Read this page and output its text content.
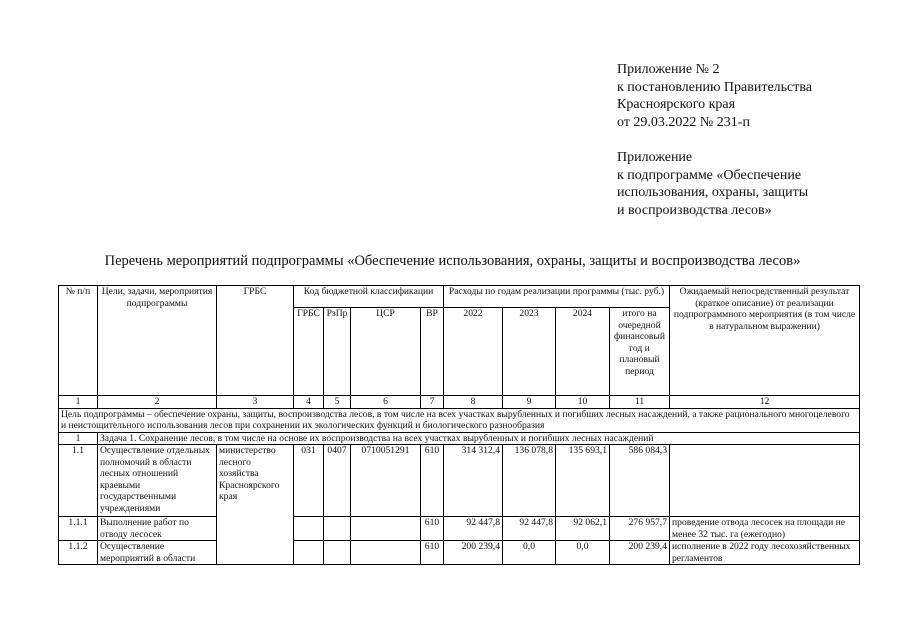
Приложение № 2
к постановлению Правительства
Красноярского края
от 29.03.2022 № 231-п
Приложение
к подпрограмме «Обеспечение
использования, охраны, защиты
и воспроизводства лесов»
Перечень мероприятий подпрограммы «Обеспечение использования, охраны, защиты и воспроизводства лесов»
№ п/п	Цели, задачи, мероприятия подпрограммы	ГРБС	Код бюджетной классификации				Расходы по годам реализации программы (тыс. руб.)				Ожидаемый непосредственный результат (краткое описание) от реализации подпрограммного мероприятия (в том числе в натуральном выражении)
			ГРБС	РзПр	ЦСР	ВР	2022	2023	2024	итого на очередной финансовый год и плановый период	
1	2	3	4	5	6	7	8	9	10	11	12
Цель подпрограммы – обеспечение охраны, защиты, воспроизводства лесов, в том числе на всех участках вырубленных и погибших лесных насаждений, а также рационального многоцелевого и неистощительного использования лесов при сохранении их экологических функций и биологического разнообразия											
1	Задача 1. Сохранение лесов, в том числе на основе их воспроизводства на всех участках вырубленных и погибших лесных насаждений										
1.1	Осуществление отдельных полномочий в области лесных отношений краевыми государственными учреждениями	министерство лесного хозяйства Красноярского края	031	0407	0710051291	610	314 312,4	136 078,8	135 693,1	586 084,3	
1.1.1	Выполнение работ по отводу лесосек					610	92 447,8	92 447,8	92 062,1	276 957,7	проведение отвода лесосек на площади не менее 32 тыс. га (ежегодно)
1.1.2	Осуществление мероприятий в области					610	200 239,4	0,0	0,0	200 239,4	исполнение в 2022 году лесохозяйственных регламентов
